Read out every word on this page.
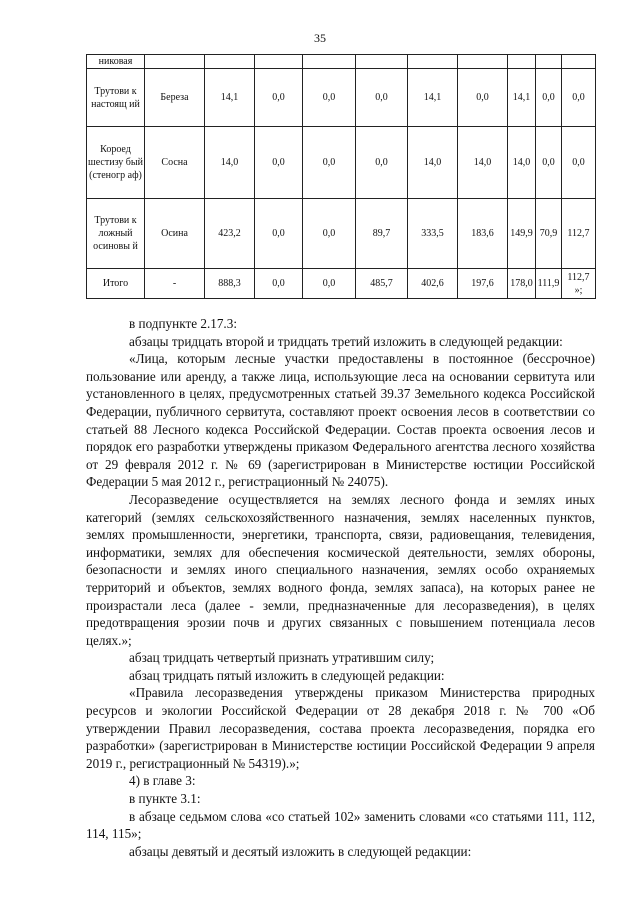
35
никовая										
Трутови к настоящ ий	Береза	14,1	0,0	0,0	0,0	14,1	0,0	14,1	0,0	0,0
Короед шестизу бый (стеногр аф)	Сосна	14,0	0,0	0,0	0,0	14,0	14,0	14,0	0,0	0,0
Трутови к ложный осиновы й	Осина	423,2	0,0	0,0	89,7	333,5	183,6	149,9	70,9	112,7
Итого	-	888,3	0,0	0,0	485,7	402,6	197,6	178,0	111,9	112,7 »;

в подпункте 2.17.3:

абзацы тридцать второй и тридцать третий изложить в следующей редакции:

«Лица, которым лесные участки предоставлены в постоянное (бессрочное) пользование или аренду, а также лица, использующие леса на основании сервитута или установленного в целях, предусмотренных статьей 39.37 Земельного кодекса Российской Федерации, публичного сервитута, составляют проект освоения лесов в соответствии со статьей 88 Лесного кодекса Российской Федерации. Состав проекта освоения лесов и порядок его разработки утверждены приказом Федерального агентства лесного хозяйства от 29 февраля 2012 г. № 69 (зарегистрирован в Министерстве юстиции Российской Федерации 5 мая 2012 г., регистрационный № 24075).

Лесоразведение осуществляется на землях лесного фонда и землях иных категорий (землях сельскохозяйственного назначения, землях населенных пунктов, землях промышленности, энергетики, транспорта, связи, радиовещания, телевидения, информатики, землях для обеспечения космической деятельности, землях обороны, безопасности и землях иного специального назначения, землях особо охраняемых территорий и объектов, землях водного фонда, землях запаса), на которых ранее не произрастали леса (далее - земли, предназначенные для лесоразведения), в целях предотвращения эрозии почв и других связанных с повышением потенциала лесов целях.»;

абзац тридцать четвертый признать утратившим силу;

абзац тридцать пятый изложить в следующей редакции:

«Правила лесоразведения утверждены приказом Министерства природных ресурсов и экологии Российской Федерации от 28 декабря 2018 г. № 700 «Об утверждении Правил лесоразведения, состава проекта лесоразведения, порядка его разработки» (зарегистрирован в Министерстве юстиции Российской Федерации 9 апреля 2019 г., регистрационный № 54319).»;

4) в главе 3:

в пункте 3.1:

в абзаце седьмом слова «со статьей 102» заменить словами «со статьями 111, 112, 114, 115»;

абзацы девятый и десятый изложить в следующей редакции:
